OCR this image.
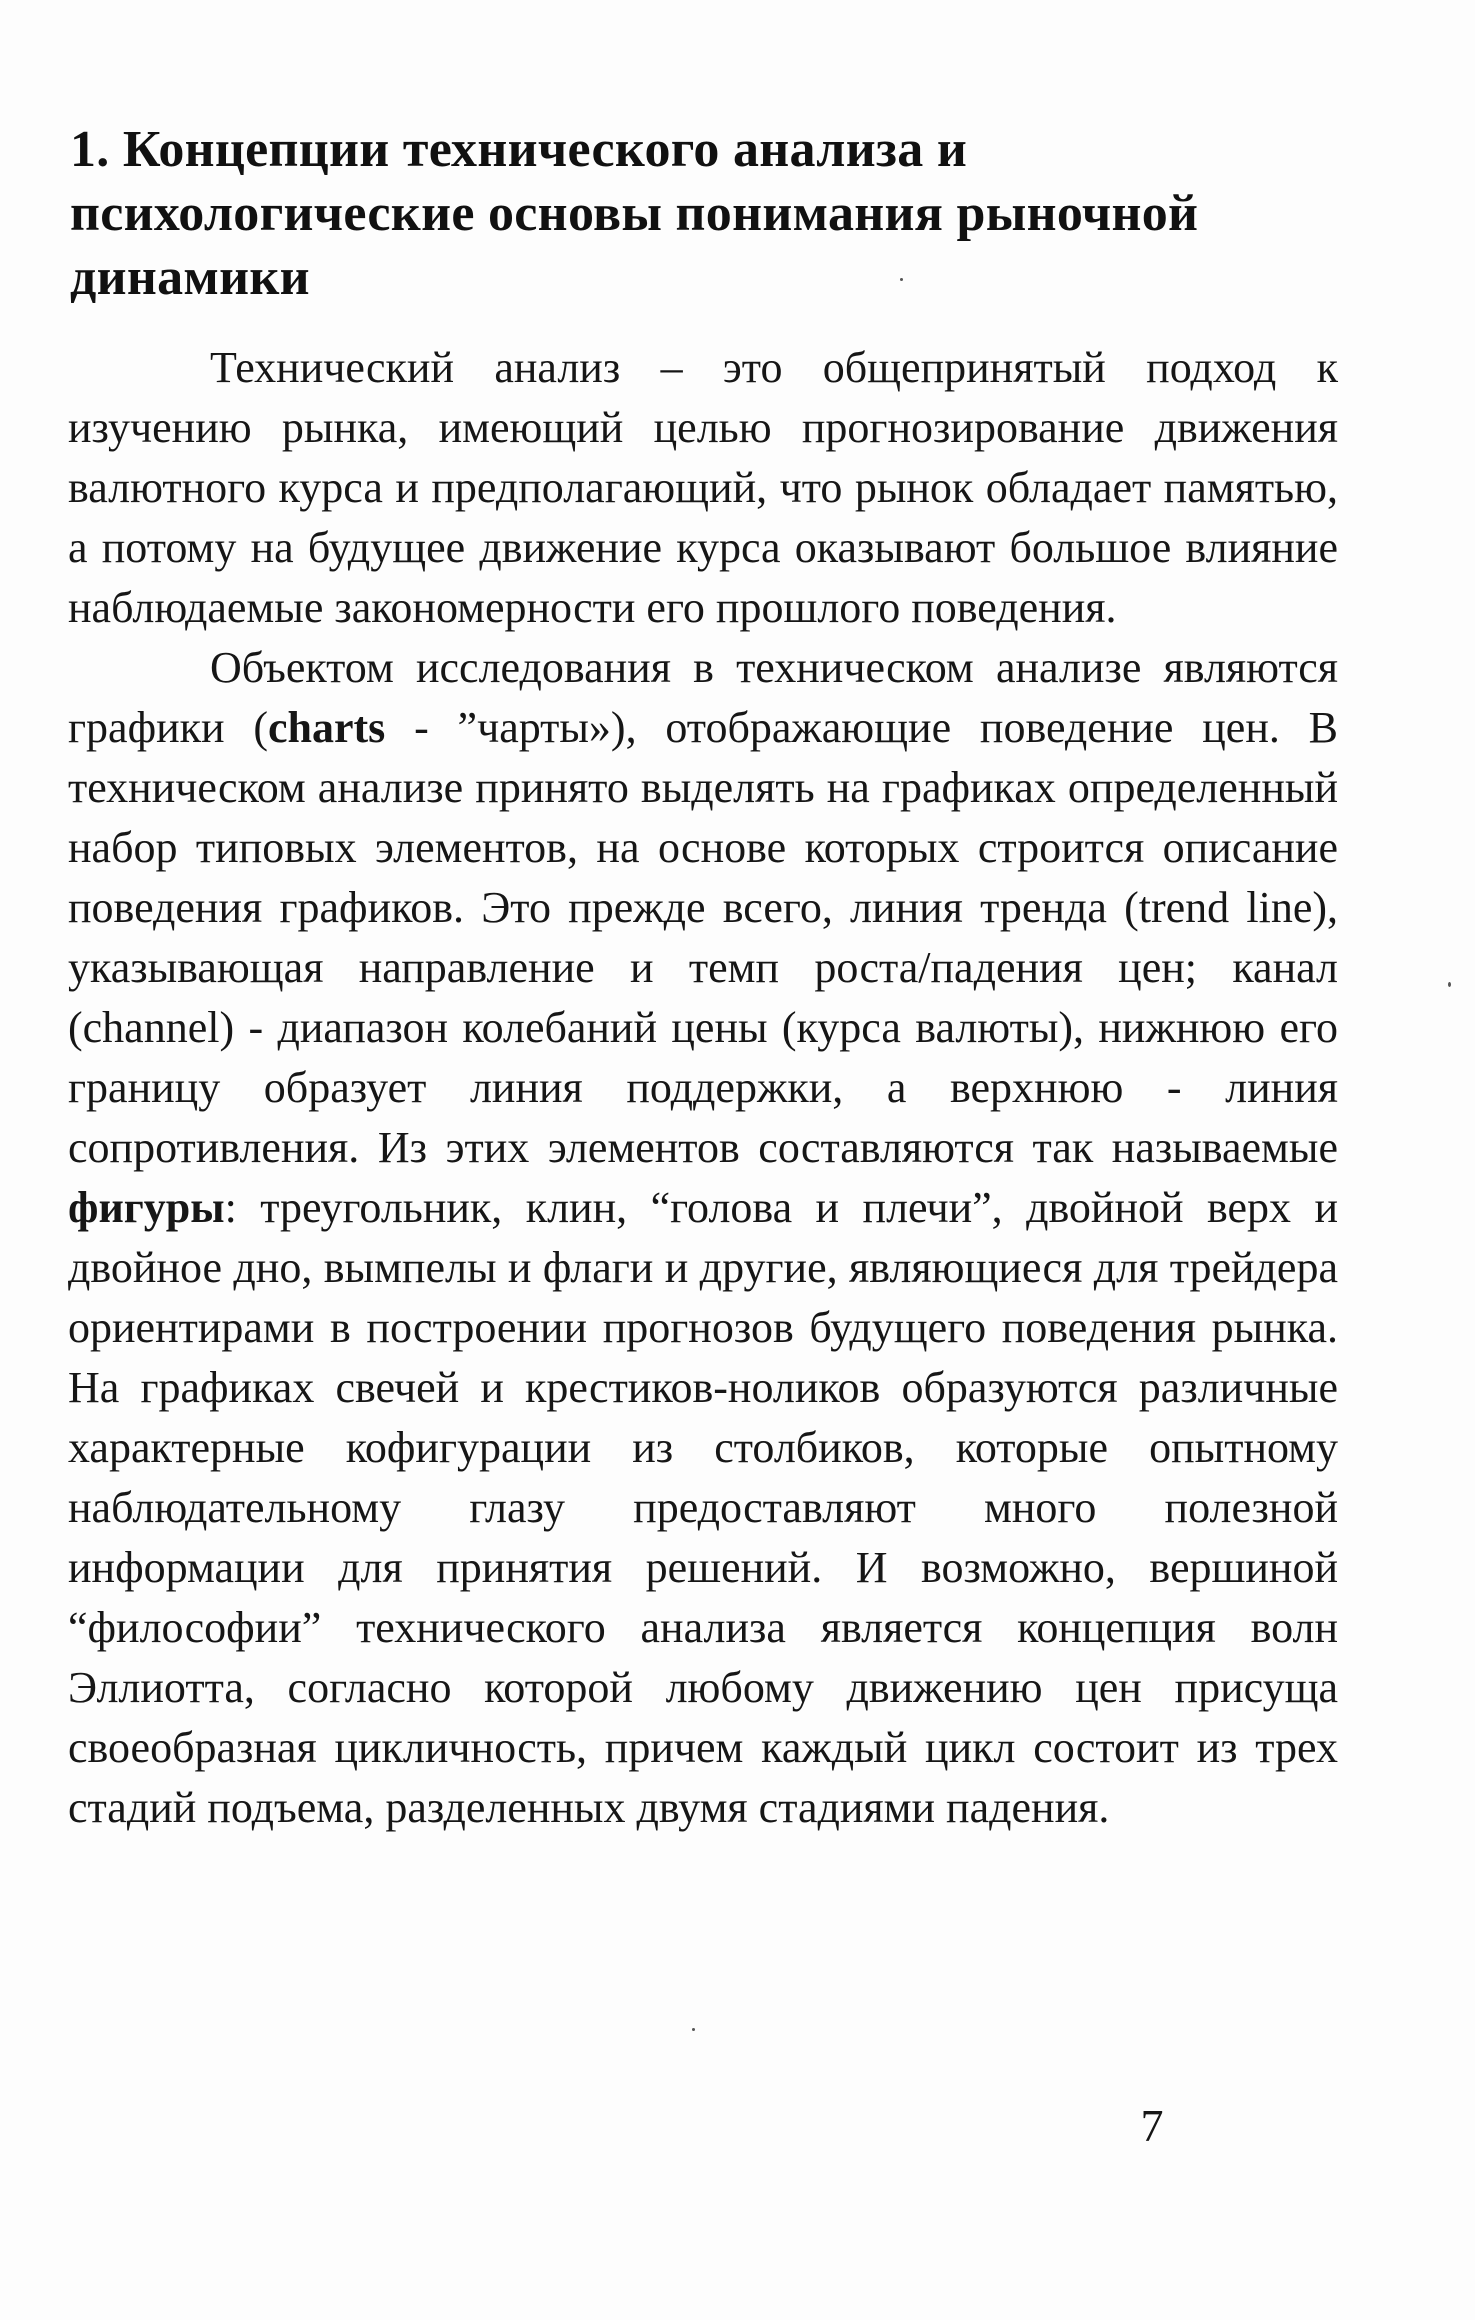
1. Концепции технического анализа и психологические основы понимания рыночной динамики

Технический анализ – это общепринятый подход к изучению рынка, имеющий целью прогнозирование движения валютного курса и предполагающий, что рынок обладает памятью, а потому на будущее движение курса оказывают большое влияние наблюдаемые закономерности его прошлого поведения.

Объектом исследования в техническом анализе являются графики (charts - ”чарты»), отображающие поведение цен. В техническом анализе принято выделять на графиках определенный набор типовых элементов, на основе которых строится описание поведения графиков. Это прежде всего, линия тренда (trend line), указывающая направление и темп роста/падения цен; канал (channel) - диапазон колебаний цены (курса валюты), нижнюю его границу образует линия поддержки, а верхнюю - линия сопротивления. Из этих элементов составляются так называемые фигуры: треугольник, клин, “голова и плечи”, двойной верх и двойное дно, вымпелы и флаги и другие, являющиеся для трейдера ориентирами в построении прогнозов будущего поведения рынка. На графиках свечей и крестиков-ноликов образуются различные характерные кофигурации из столбиков, которые опытному наблюдательному глазу предоставляют много полезной информации для принятия решений. И возможно, вершиной “философии” технического анализа является концепция волн Эллиотта, согласно которой любому движению цен присуща своеобразная цикличность, причем каждый цикл состоит из трех стадий подъема, разделенных двумя стадиями падения.

7
